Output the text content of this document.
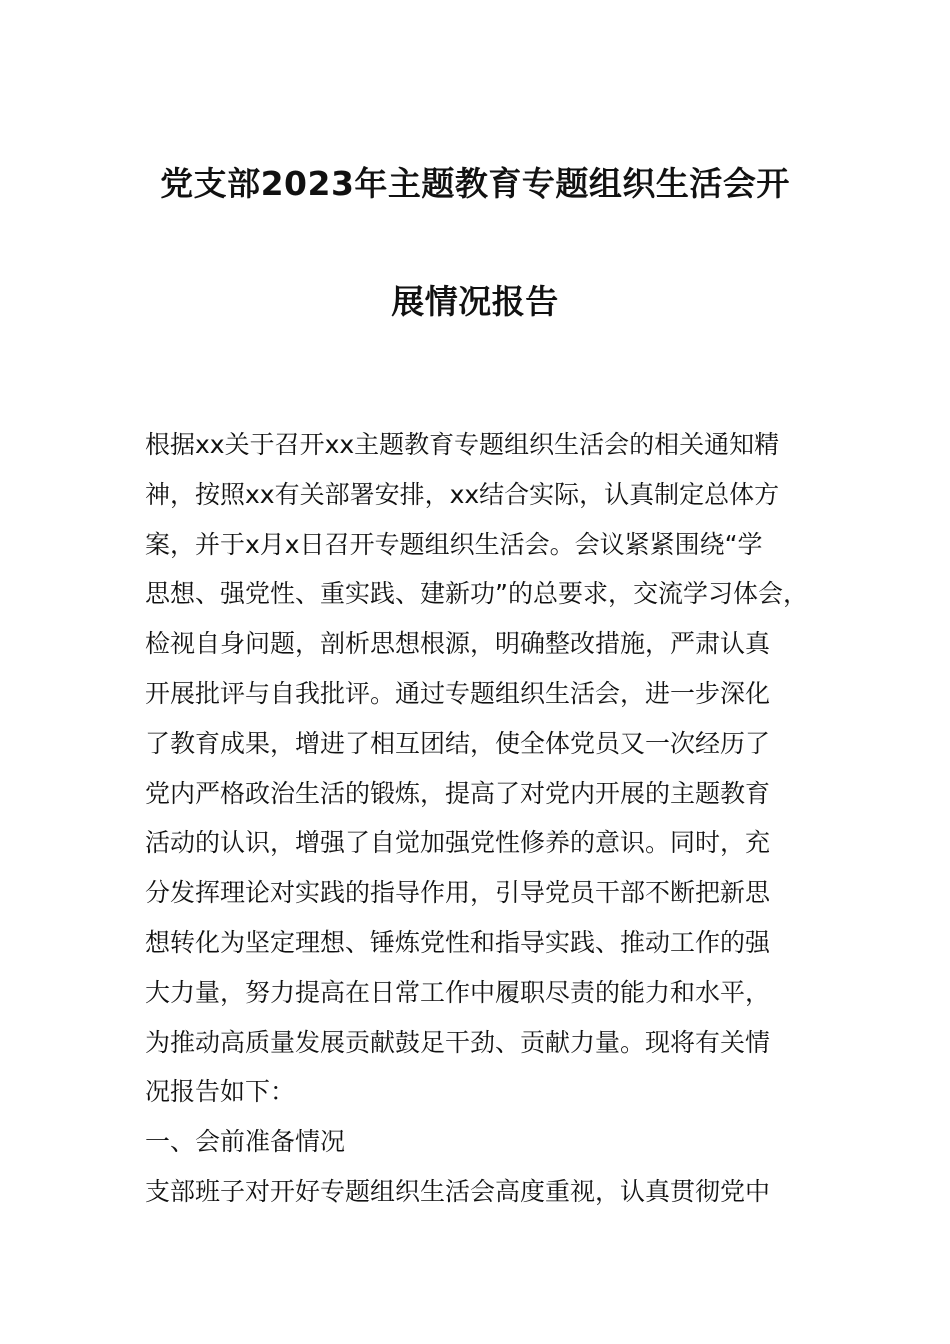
党支部2023年主题教育专题组织生活会开
展情况报告
根据xx关于召开xx主题教育专题组织生活会的相关通知精
神，按照xx有关部署安排，xx结合实际，认真制定总体方
案，并于x月x日召开专题组织生活会。会议紧紧围绕“学
思想、强党性、重实践、建新功”的总要求，交流学习体会，
检视自身问题，剖析思想根源，明确整改措施，严肃认真
开展批评与自我批评。通过专题组织生活会，进一步深化
了教育成果，增进了相互团结，使全体党员又一次经历了
党内严格政治生活的锻炼，提高了对党内开展的主题教育
活动的认识，增强了自觉加强党性修养的意识。同时，充
分发挥理论对实践的指导作用，引导党员干部不断把新思
想转化为坚定理想、锤炼党性和指导实践、推动工作的强
大力量，努力提高在日常工作中履职尽责的能力和水平，
为推动高质量发展贡献鼓足干劲、贡献力量。现将有关情
况报告如下：
一、会前准备情况
支部班子对开好专题组织生活会高度重视，认真贯彻党中
